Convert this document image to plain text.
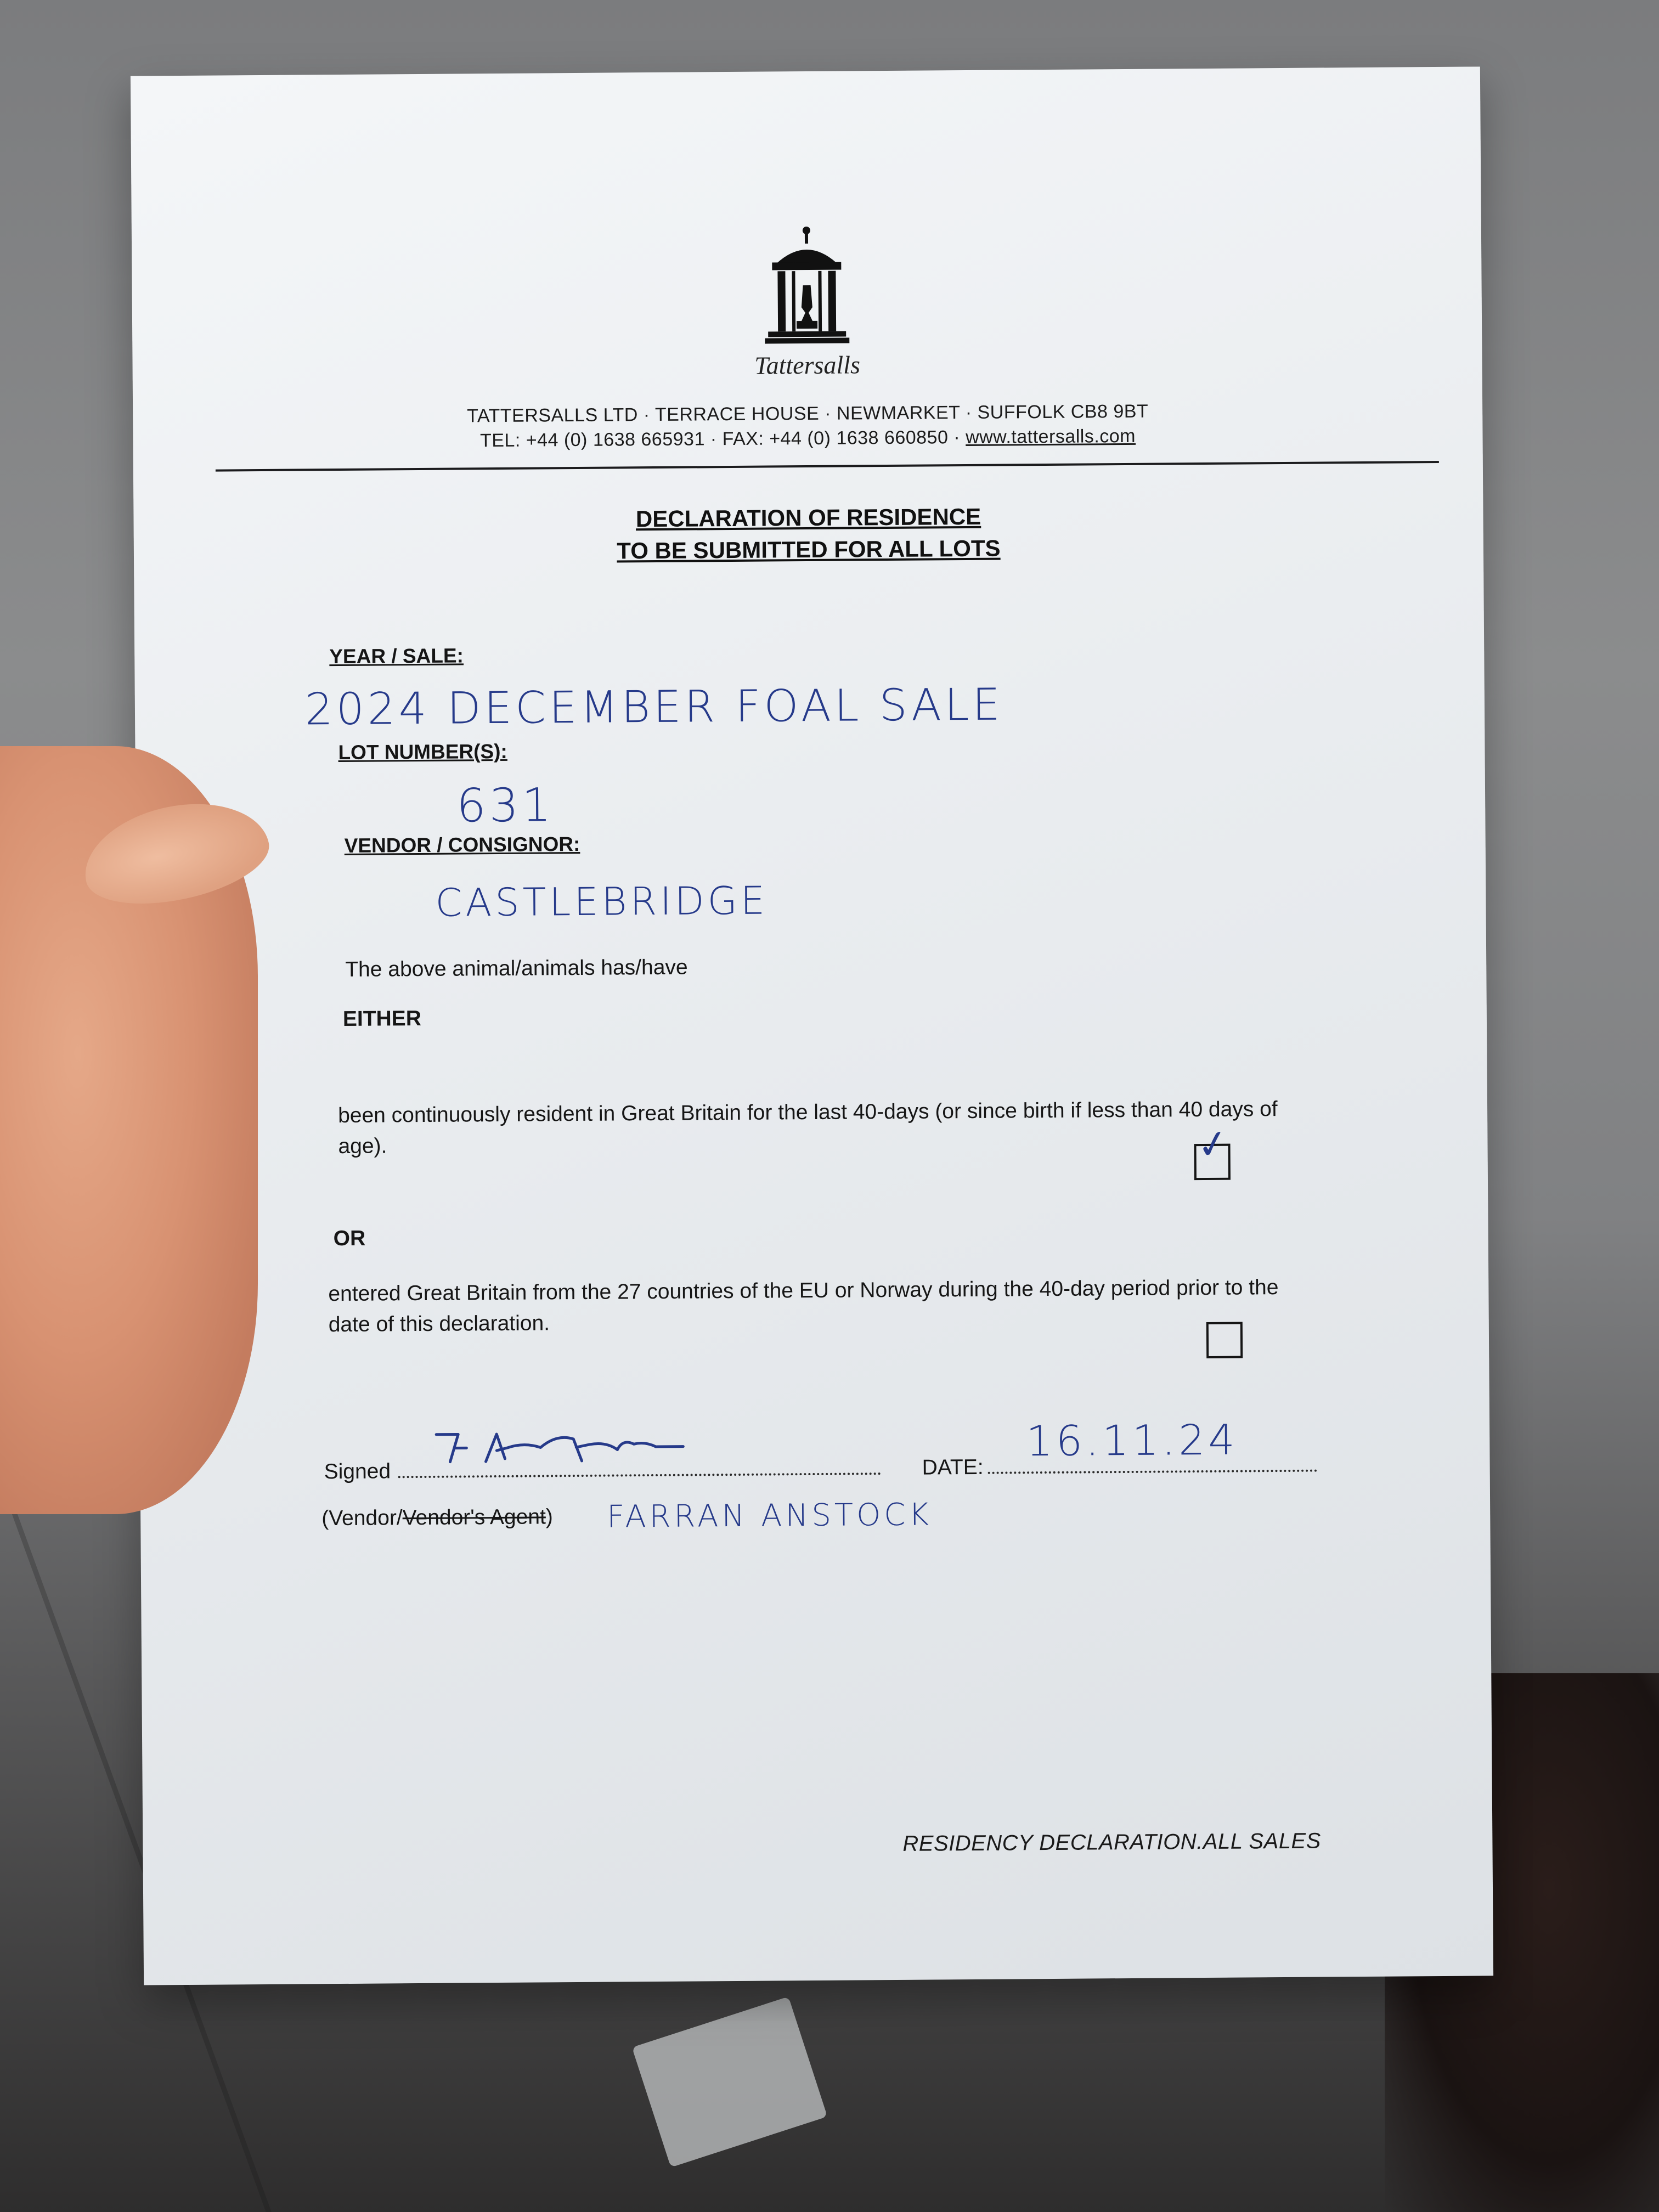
Tattersalls
TATTERSALLS LTD · TERRACE HOUSE · NEWMARKET · SUFFOLK CB8 9BT
TEL: +44 (0) 1638 665931 · FAX: +44 (0) 1638 660850 · www.tattersalls.com
DECLARATION OF RESIDENCE
TO BE SUBMITTED FOR ALL LOTS
YEAR / SALE:
2024 DECEMBER FOAL SALE
LOT NUMBER(S):
631
VENDOR / CONSIGNOR:
CASTLEBRIDGE
The above animal/animals has/have
EITHER
been continuously resident in Great Britain for the last 40-days (or since birth if less than 40 days of age).	✓
OR
entered Great Britain from the 27 countries of the EU or Norway during the 40-day period prior to the date of this declaration.
Signed	DATE:
16.11.24
(Vendor/Vendor's Agent) FARRAN ANSTOCK
RESIDENCY DECLARATION.ALL SALES
